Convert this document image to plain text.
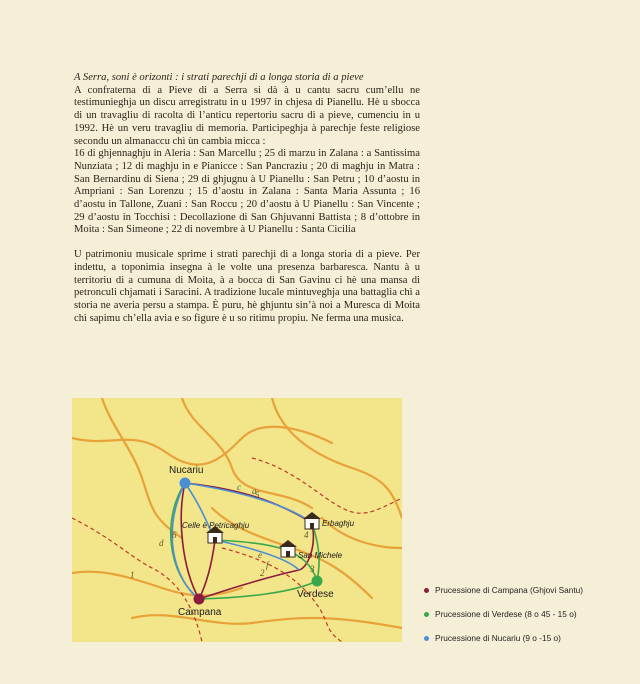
A Serra, soni è orizonti : i strati parechji di a longa storia di a pieve

A confraterna di a Pieve di a Serra si dà à u cantu sacru cum’ellu ne testimunieghja un discu arregistratu in u 1997 in chjesa di Pianellu. Hè u sbocca di un travagliu di racolta di l’anticu repertoriu sacru di a pieve, cumenciu in u 1992. Hè un veru travagliu di memoria. Participeghja à parechje feste religiose secondu un almanaccu chì ùn cambia micca :

16 di ghjennaghju in Aleria : San Marcellu ; 25 di marzu in Zalana : a Santissima Nunziata ; 12 di maghju in e Pianicce : San Pancraziu ; 20 di maghju in Matra : San Bernardinu di Siena ; 29 di ghjugnu à U Pianellu : San Petru ; 10 d’aostu in Ampriani : San Lorenzu ; 15 d’aostu in Zalana : Santa Maria Assunta ; 16 d’aostu in Tallone, Zuani : San Roccu ; 20 d’aostu à U Pianellu : San Vincente ; 29 d’aostu in Tocchisi : Decollazione di San Ghjuvanni Battista ; 8 d’ottobre in Moita : San Simeone ; 22 di novembre à U Pianellu : Santa Cicilia

U patrimoniu musicale sprime i strati parechji di a longa storia di a pieve. Per indettu, a toponimia insegna à le volte una presenza barbaresca. Nantu à u territoriu di a cumuna di Moita, à a bocca di San Gavinu ci hè una mansa di petronculi chjamati i Saracini. A tradizione lucale mintuveghja una battaglia chì a storia ne averia persu a stampa. È puru, hè ghjuntu sin’à noi a Muresca di Moita chì sapimu ch’ella avia e so figure è u so ritimu propiu. Ne ferma una musica.

a
c
d
e
f
1	2	3
4
5
6
Nucariu
Campana
Verdese
Celle è Petricaghju	Erbaghju
San Michele
Prucessione di Campana (Ghjovi Santu)
Prucessione di Verdese (8 o 45 - 15 o)
Prucessione di Nucariu (9 o -15 o)
